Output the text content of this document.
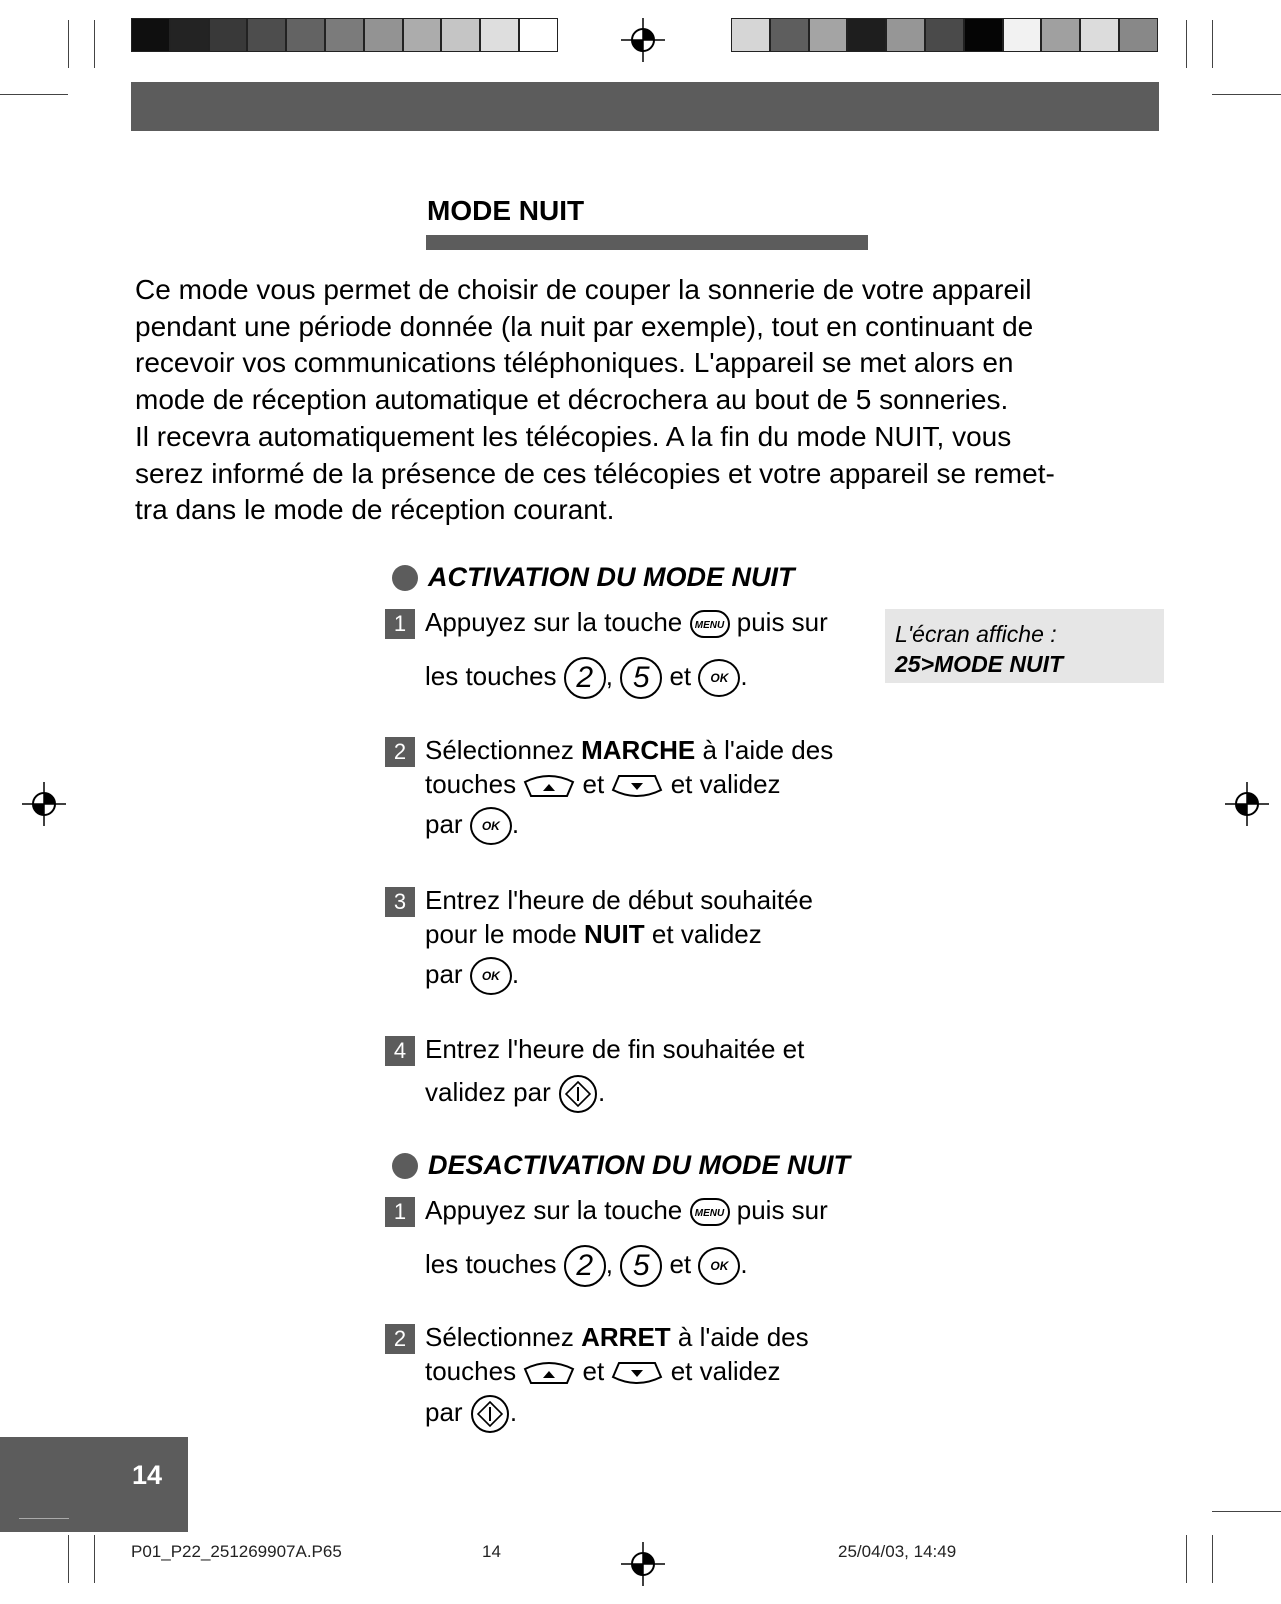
MODE NUIT

Ce mode vous permet de choisir de couper la sonnerie de votre appareil
pendant une période donnée (la nuit par exemple), tout en continuant de
recevoir vos communications téléphoniques. L'appareil se met alors en
mode de réception automatique et décrochera au bout de 5 sonneries.
Il recevra automatiquement les télécopies. A la fin du mode NUIT, vous
serez informé de la présence de ces télécopies et votre appareil se remet-
tra dans le mode de réception courant.

ACTIVATION DU MODE NUIT
L'écran affiche :
25>MODE NUIT
1 Appuyez sur la touche MENU puis sur
les touches 2 , 5 et OK .
2 Sélectionnez MARCHE à l'aide des
touches	et	et validez
par OK .
3 Entrez l'heure de début souhaitée
pour le mode NUIT et validez
par OK .
4 Entrez l'heure de fin souhaitée et
validez par .
DESACTIVATION DU MODE NUIT
1 Appuyez sur la touche MENU puis sur
les touches 2 , 5 et OK .
2 Sélectionnez ARRET à l'aide des
touches	et	et validez
par .
14
P01_P22_251269907A.P65	14	25/04/03, 14:49
